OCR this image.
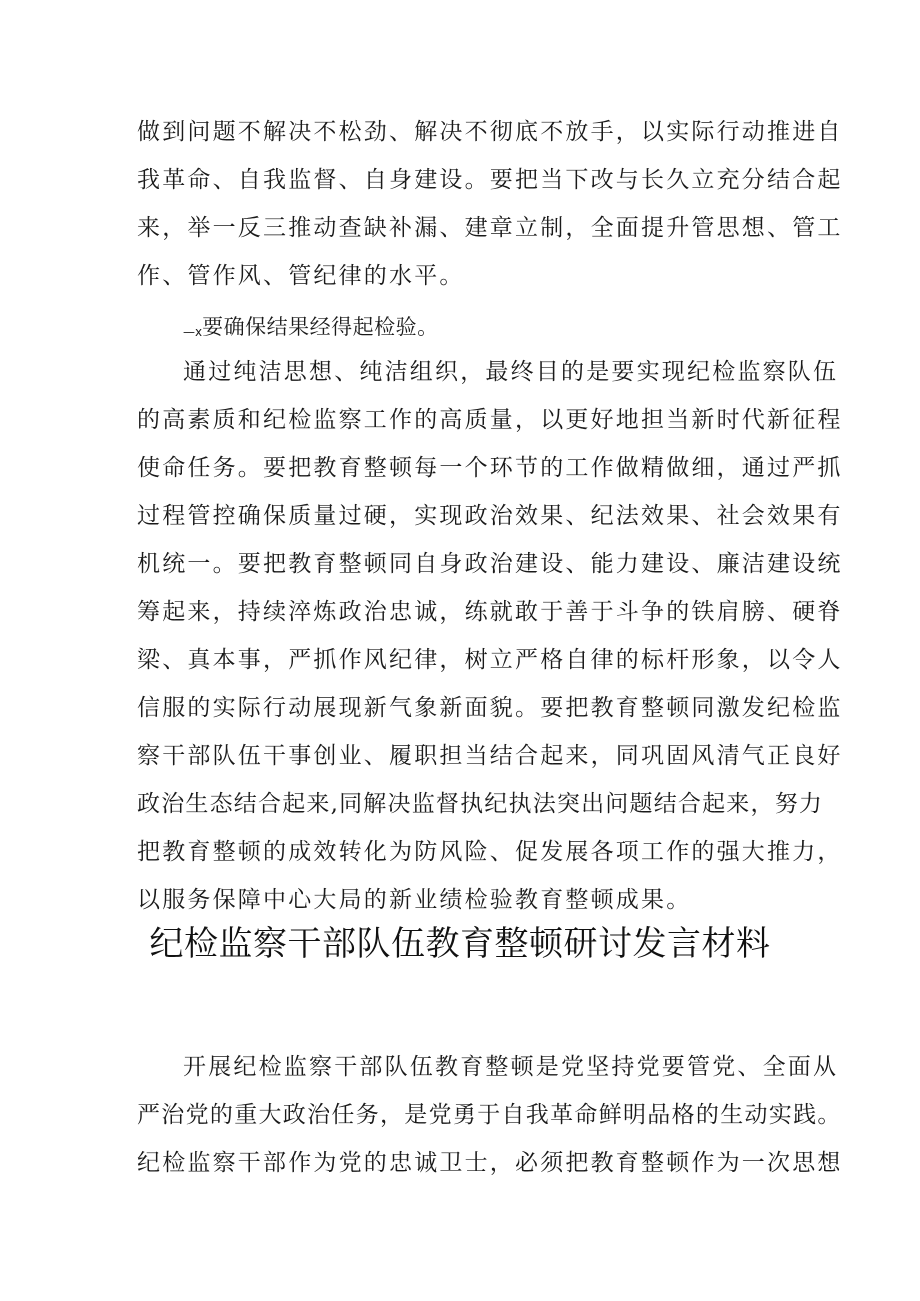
做到问题不解决不松劲、解决不彻底不放手，以实际行动推进自
我革命、自我监督、自身建设。要把当下改与长久立充分结合起
来，举一反三推动查缺补漏、建章立制，全面提升管思想、管工
作、管作风、管纪律的水平。
—x要确保结果经得起检验。
通过纯洁思想、纯洁组织，最终目的是要实现纪检监察队伍
的高素质和纪检监察工作的高质量，以更好地担当新时代新征程
使命任务。要把教育整顿每一个环节的工作做精做细，通过严抓
过程管控确保质量过硬，实现政治效果、纪法效果、社会效果有
机统一。要把教育整顿同自身政治建设、能力建设、廉洁建设统
筹起来，持续淬炼政治忠诚，练就敢于善于斗争的铁肩膀、硬脊
梁、真本事，严抓作风纪律，树立严格自律的标杆形象，以令人
信服的实际行动展现新气象新面貌。要把教育整顿同激发纪检监
察干部队伍干事创业、履职担当结合起来，同巩固风清气正良好
政治生态结合起来,同解决监督执纪执法突出问题结合起来，努力
把教育整顿的成效转化为防风险、促发展各项工作的强大推力，
以服务保障中心大局的新业绩检验教育整顿成果。
纪检监察干部队伍教育整顿研讨发言材料
开展纪检监察干部队伍教育整顿是党坚持党要管党、全面从
严治党的重大政治任务，是党勇于自我革命鲜明品格的生动实践。
纪检监察干部作为党的忠诚卫士，必须把教育整顿作为一次思想
